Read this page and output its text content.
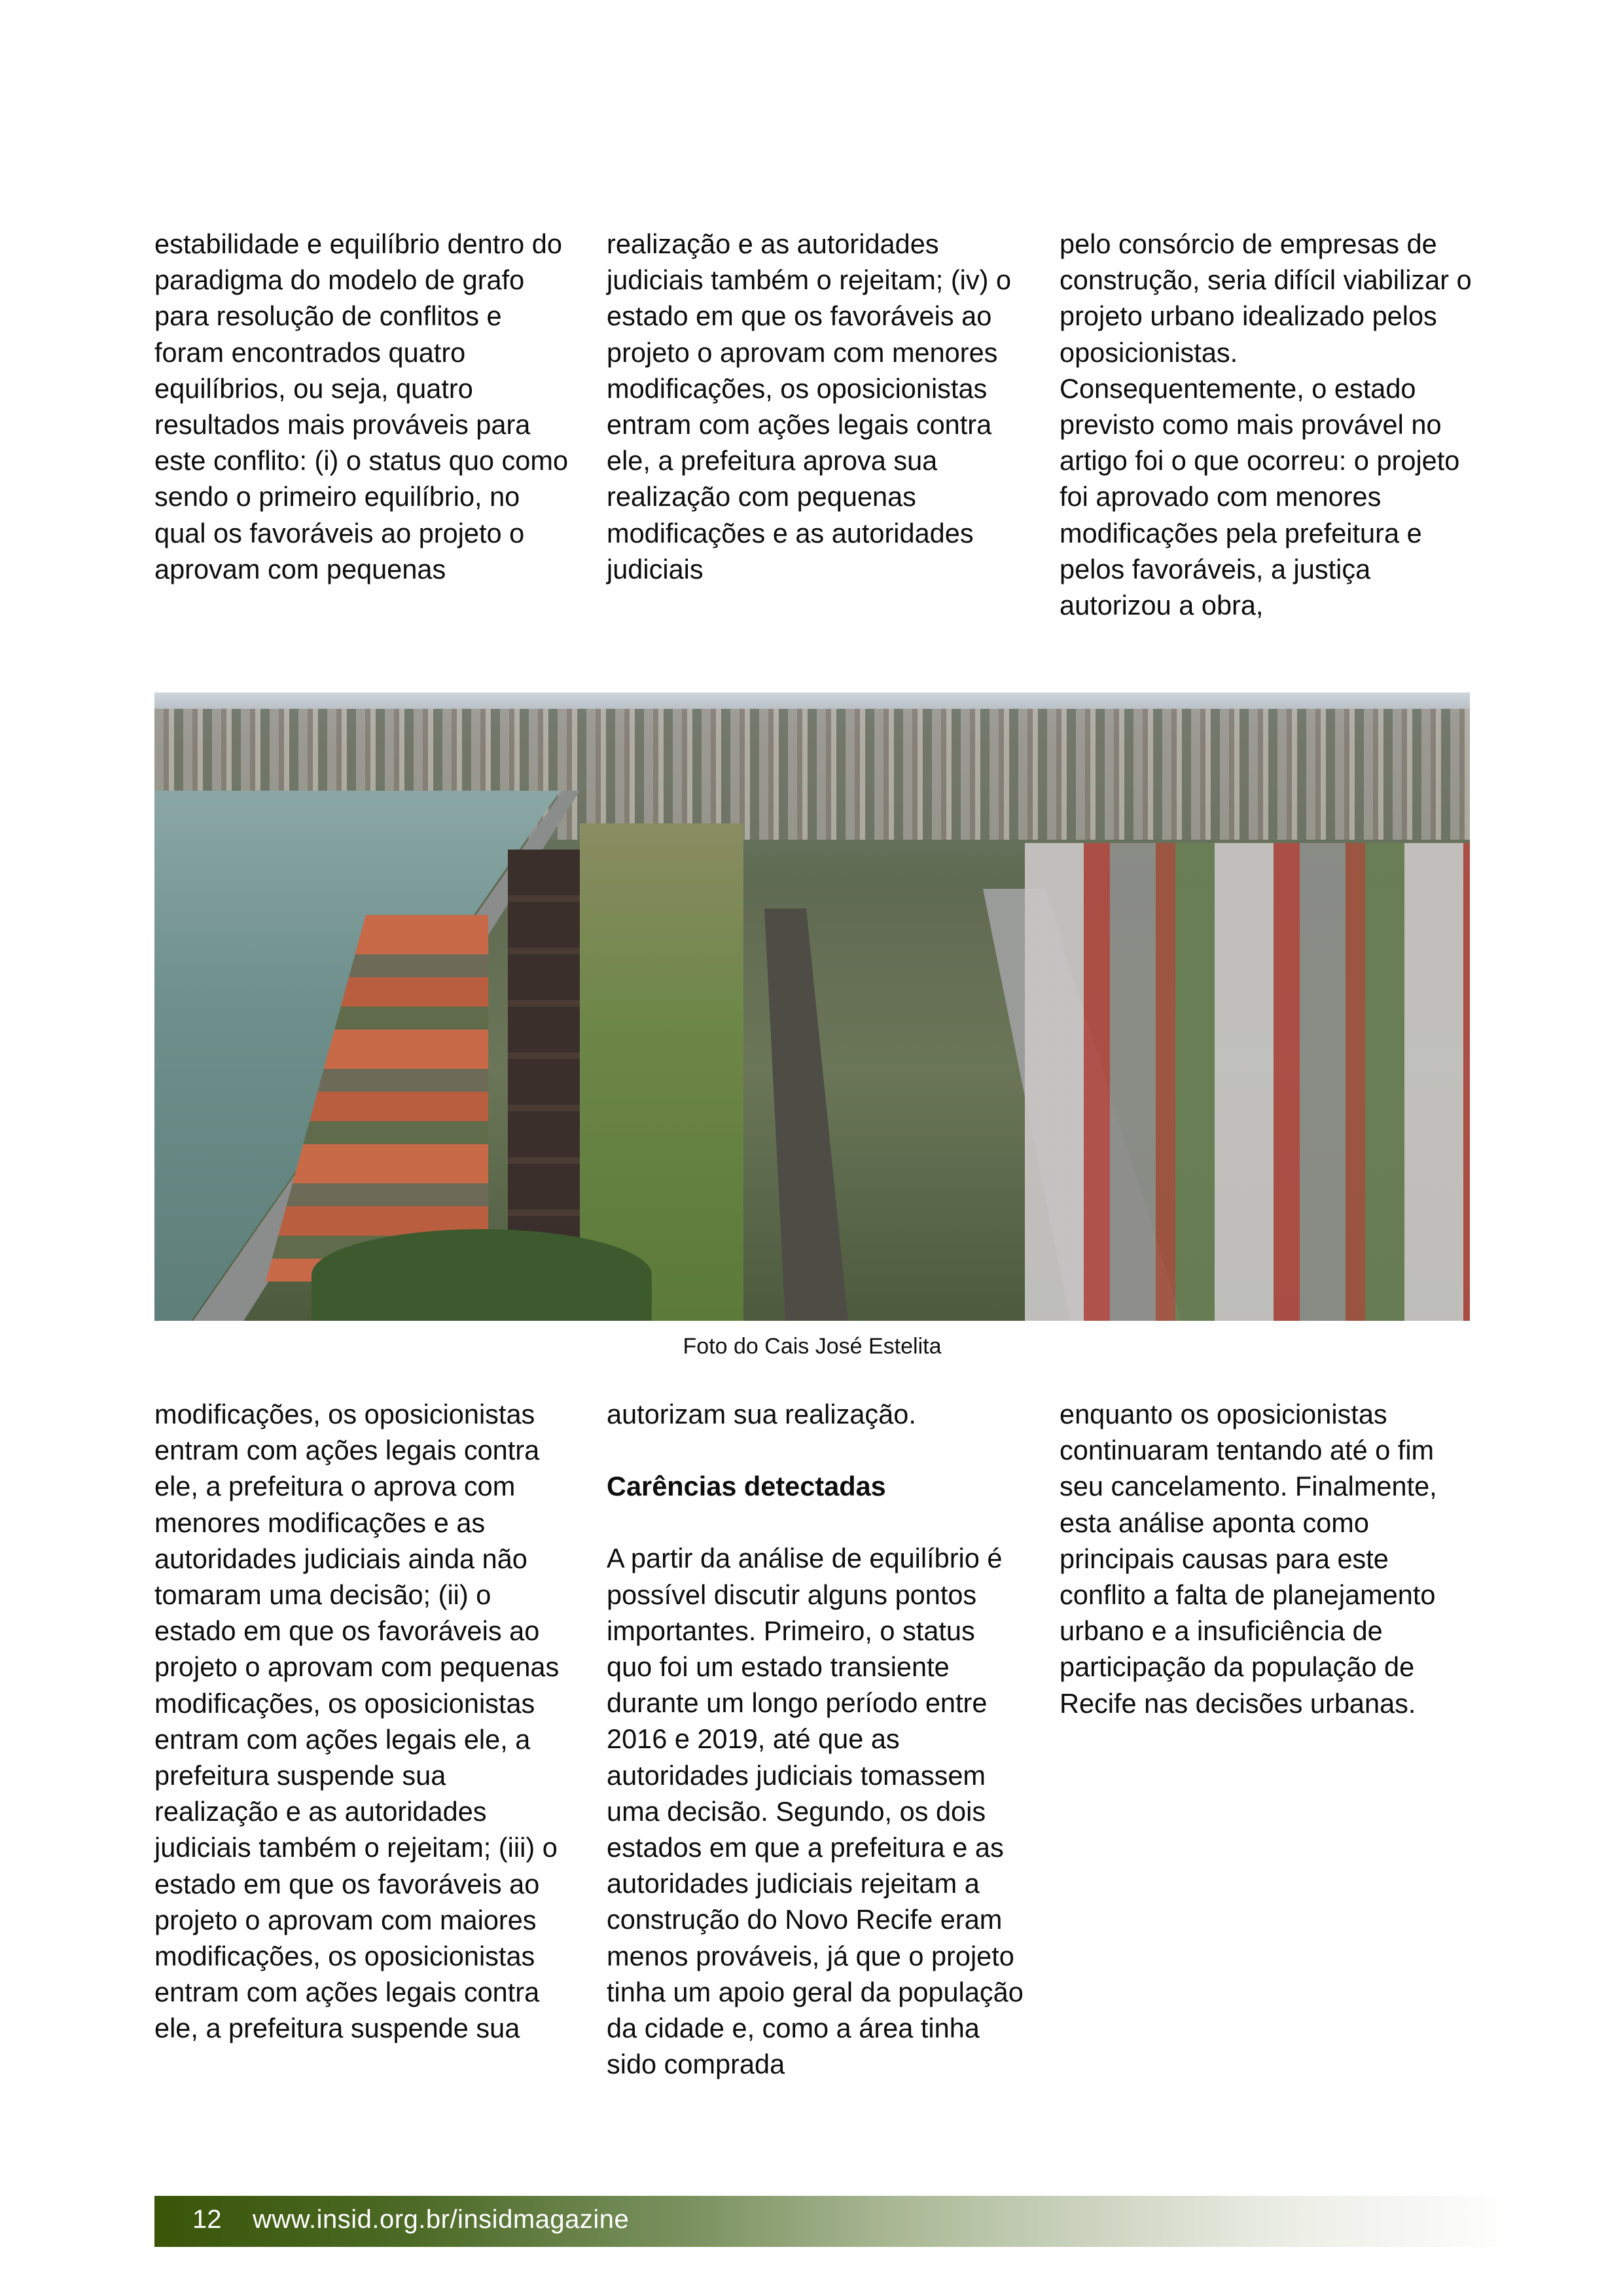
estabilidade e equilíbrio dentro do paradigma do modelo de grafo para resolução de conflitos e foram encontrados quatro equilíbrios, ou seja, quatro resultados mais prováveis para este conflito: (i) o status quo como sendo o primeiro equilíbrio, no qual os favoráveis ao projeto o aprovam com pequenas

realização e as autoridades judiciais também o rejeitam; (iv) o estado em que os favoráveis ao projeto o aprovam com menores modificações, os oposicionistas entram com ações legais contra ele, a prefeitura aprova sua realização com pequenas modificações e as autoridades judiciais

pelo consórcio de empresas de construção, seria difícil viabilizar o projeto urbano idealizado pelos oposicionistas. Consequentemente, o estado previsto como mais provável no artigo foi o que ocorreu: o projeto foi aprovado com menores modificações pela prefeitura e pelos favoráveis, a justiça autorizou a obra,

Foto do Cais José Estelita

modificações, os oposicionistas entram com ações legais contra ele, a prefeitura o aprova com menores modificações e as autoridades judiciais ainda não tomaram uma decisão; (ii) o estado em que os favoráveis ao projeto o aprovam com pequenas modificações, os oposicionistas entram com ações legais ele, a prefeitura suspende sua realização e as autoridades judiciais também o rejeitam; (iii) o estado em que os favoráveis ao projeto o aprovam com maiores modificações, os oposicionistas entram com ações legais contra ele, a prefeitura suspende sua

autorizam sua realização.

Carências detectadas

A partir da análise de equilíbrio é possível discutir alguns pontos importantes. Primeiro, o status quo foi um estado transiente durante um longo período entre 2016 e 2019, até que as autoridades judiciais tomassem uma decisão. Segundo, os dois estados em que a prefeitura e as autoridades judiciais rejeitam a construção do Novo Recife eram menos prováveis, já que o projeto tinha um apoio geral da população da cidade e, como a área tinha sido comprada

enquanto os oposicionistas continuaram tentando até o fim seu cancelamento. Finalmente, esta análise aponta como principais causas para este conflito a falta de planejamento urbano e a insuficiência de participação da população de Recife nas decisões urbanas.

12 www.insid.org.br/insidmagazine
